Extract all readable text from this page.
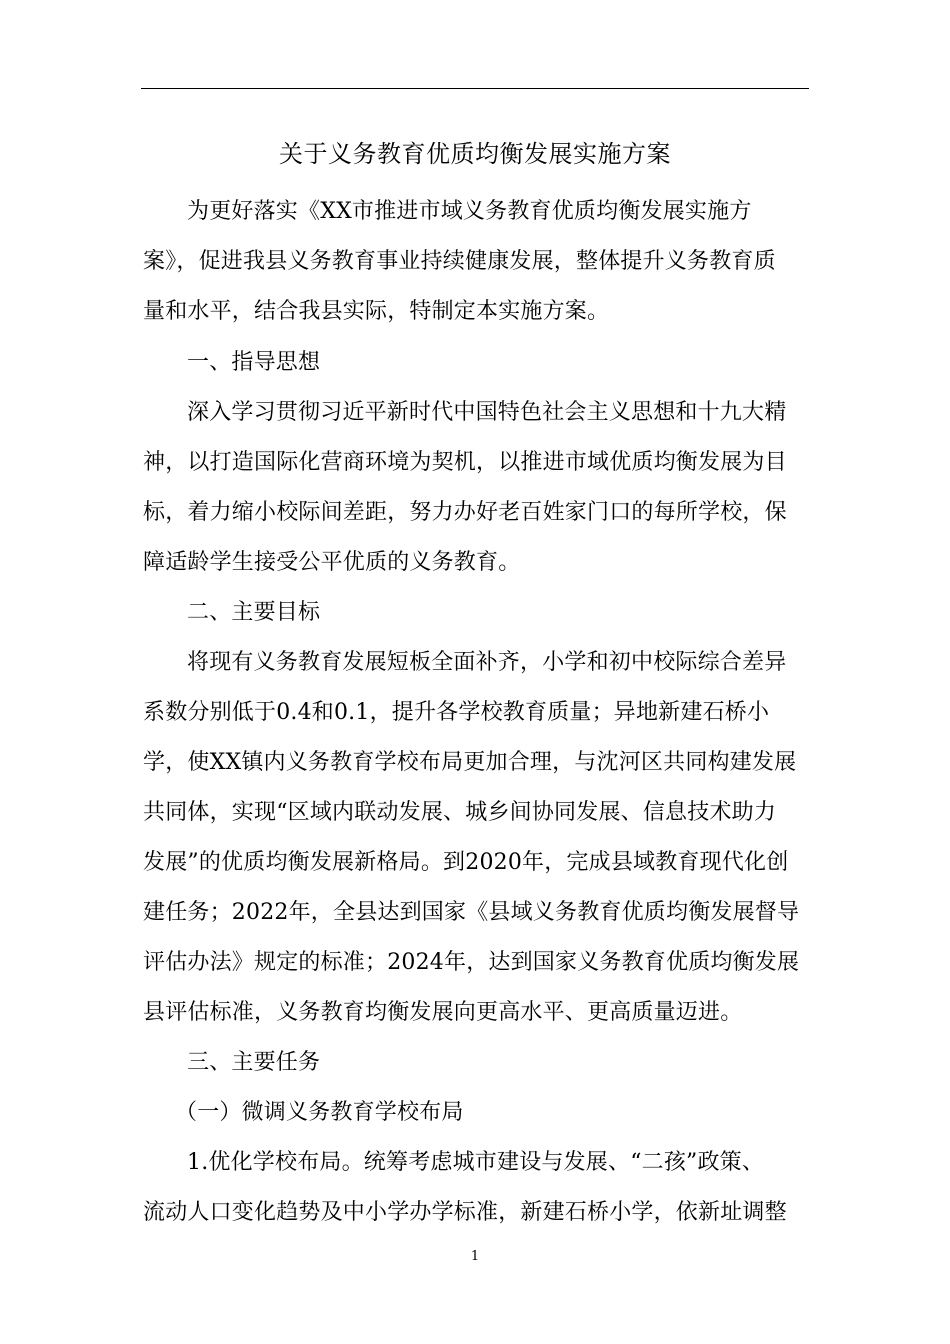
关于义务教育优质均衡发展实施方案
为更好落实《XX市推进市域义务教育优质均衡发展实施方
案》，促进我县义务教育事业持续健康发展，整体提升义务教育质
量和水平，结合我县实际，特制定本实施方案。
一、指导思想
深入学习贯彻习近平新时代中国特色社会主义思想和十九大精
神，以打造国际化营商环境为契机，以推进市域优质均衡发展为目
标，着力缩小校际间差距，努力办好老百姓家门口的每所学校，保
障适龄学生接受公平优质的义务教育。
二、主要目标
将现有义务教育发展短板全面补齐，小学和初中校际综合差异
系数分别低于0.4和0.1，提升各学校教育质量；异地新建石桥小
学，使XX镇内义务教育学校布局更加合理，与沈河区共同构建发展
共同体，实现“区域内联动发展、城乡间协同发展、信息技术助力
发展”的优质均衡发展新格局。到2020年，完成县域教育现代化创
建任务；2022年，全县达到国家《县域义务教育优质均衡发展督导
评估办法》规定的标准；2024年，达到国家义务教育优质均衡发展
县评估标准，义务教育均衡发展向更高水平、更高质量迈进。
三、主要任务
（一）微调义务教育学校布局
1.优化学校布局。统筹考虑城市建设与发展、“二孩”政策、
流动人口变化趋势及中小学办学标准，新建石桥小学，依新址调整
1
